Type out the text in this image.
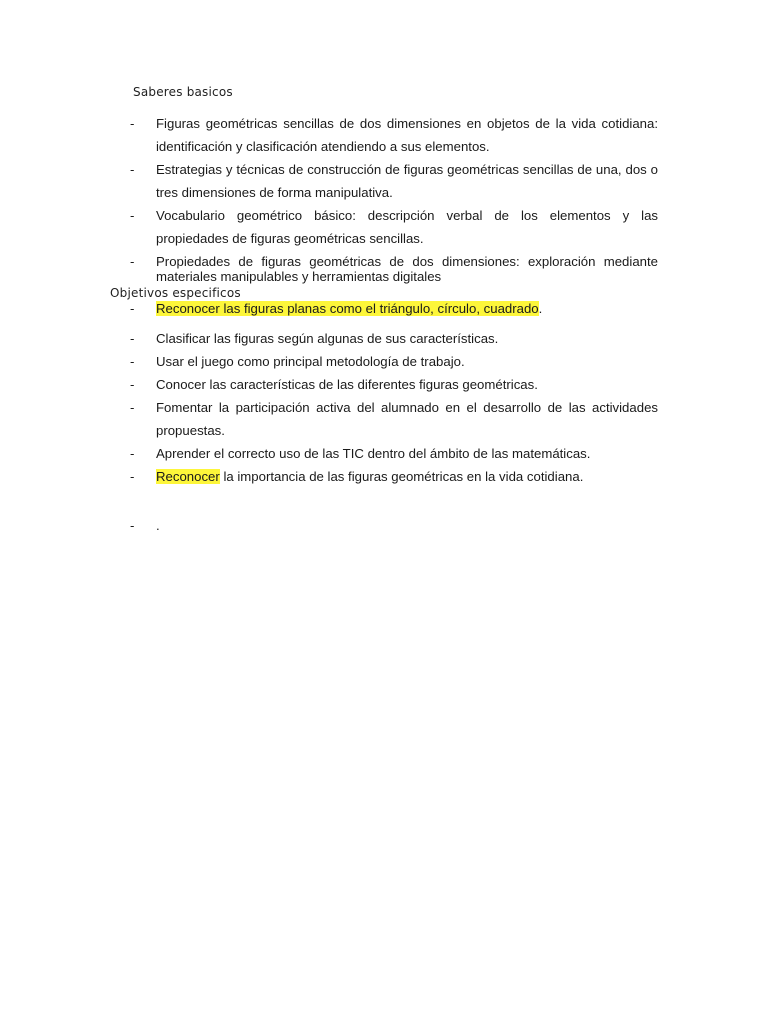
Saberes basicos
-	Figuras geométricas sencillas de dos dimensiones en objetos de la vida cotidiana: identificación y clasificación atendiendo a sus elementos.
-	Estrategias y técnicas de construcción de figuras geométricas sencillas de una, dos o tres dimensiones de forma manipulativa.
-	Vocabulario geométrico básico: descripción verbal de los elementos y las propiedades de figuras geométricas sencillas.
-	Propiedades de figuras geométricas de dos dimensiones: exploración mediante materiales manipulables y herramientas digitales
Objetivos especificos
-	Reconocer las figuras planas como el triángulo, círculo, cuadrado.
-	Clasificar las figuras según algunas de sus características.
-	Usar el juego como principal metodología de trabajo.
-	Conocer las características de las diferentes figuras geométricas.
-	Fomentar la participación activa del alumnado en el desarrollo de las actividades propuestas.
-	Aprender el correcto uso de las TIC dentro del ámbito de las matemáticas.
-	Reconocer la importancia de las figuras geométricas en la vida cotidiana.
-	.
